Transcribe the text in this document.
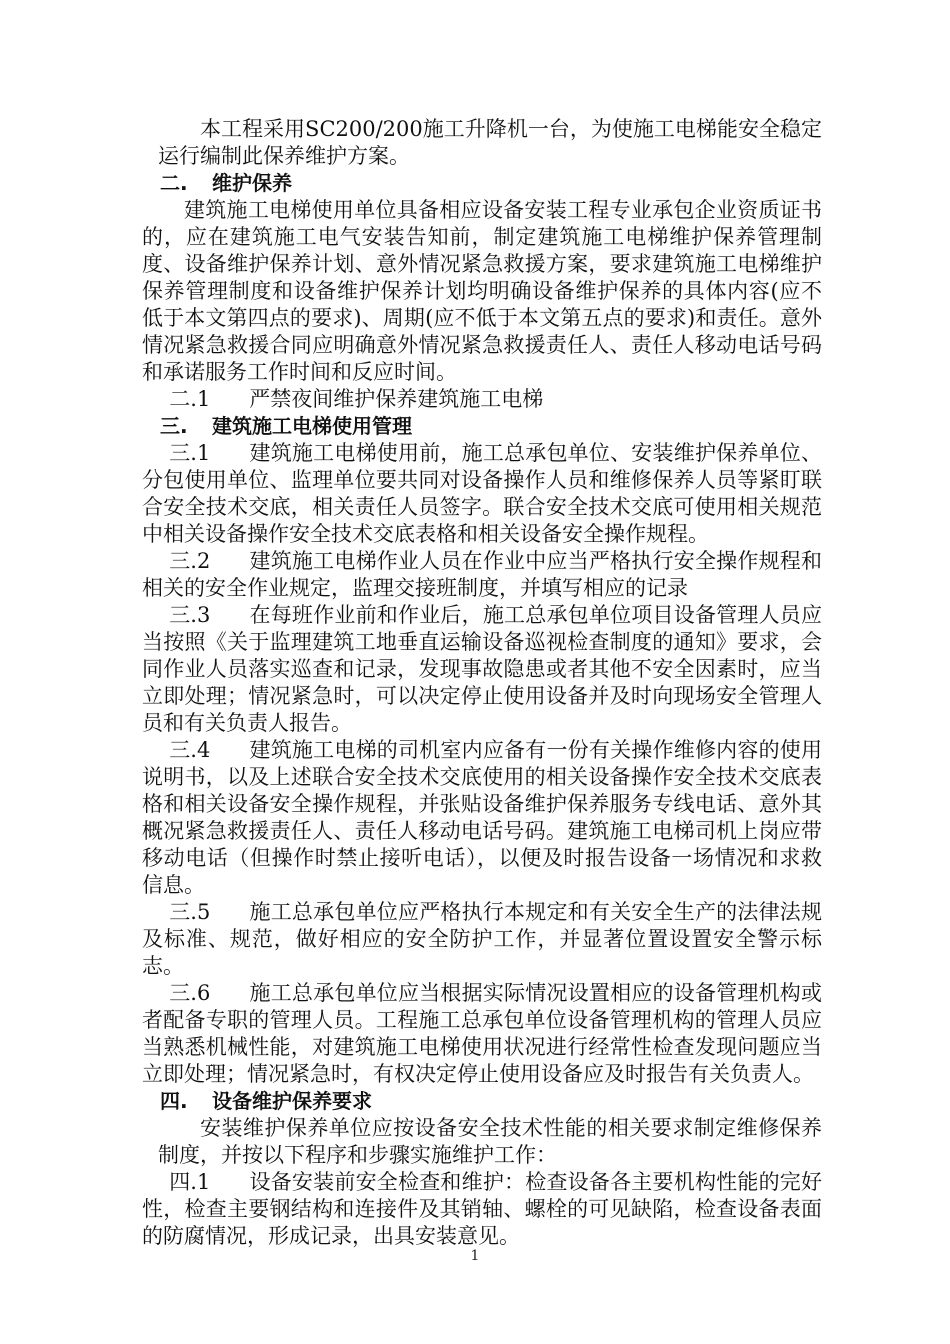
本工程采用SC200/200施工升降机一台，为使施工电梯能安全稳定运行编制此保养维护方案。

二. 维护保养

建筑施工电梯使用单位具备相应设备安装工程专业承包企业资质证书的，应在建筑施工电气安装告知前，制定建筑施工电梯维护保养管理制度、设备维护保养计划、意外情况紧急救援方案，要求建筑施工电梯维护保养管理制度和设备维护保养计划均明确设备维护保养的具体内容(应不低于本文第四点的要求)、周期(应不低于本文第五点的要求)和责任。意外情况紧急救援合同应明确意外情况紧急救援责任人、责任人移动电话号码和承诺服务工作时间和反应时间。

二.1 严禁夜间维护保养建筑施工电梯

三. 建筑施工电梯使用管理

三.1 建筑施工电梯使用前，施工总承包单位、安装维护保养单位、分包使用单位、监理单位要共同对设备操作人员和维修保养人员等紧盯联合安全技术交底，相关责任人员签字。联合安全技术交底可使用相关规范中相关设备操作安全技术交底表格和相关设备安全操作规程。

三.2 建筑施工电梯作业人员在作业中应当严格执行安全操作规程和相关的安全作业规定，监理交接班制度，并填写相应的记录

三.3 在每班作业前和作业后，施工总承包单位项目设备管理人员应当按照《关于监理建筑工地垂直运输设备巡视检查制度的通知》要求，会同作业人员落实巡查和记录，发现事故隐患或者其他不安全因素时，应当立即处理；情况紧急时，可以决定停止使用设备并及时向现场安全管理人员和有关负责人报告。

三.4 建筑施工电梯的司机室内应备有一份有关操作维修内容的使用说明书，以及上述联合安全技术交底使用的相关设备操作安全技术交底表格和相关设备安全操作规程，并张贴设备维护保养服务专线电话、意外其概况紧急救援责任人、责任人移动电话号码。建筑施工电梯司机上岗应带移动电话（但操作时禁止接听电话），以便及时报告设备一场情况和求救信息。

三.5 施工总承包单位应严格执行本规定和有关安全生产的法律法规及标准、规范，做好相应的安全防护工作，并显著位置设置安全警示标志。

三.6 施工总承包单位应当根据实际情况设置相应的设备管理机构或者配备专职的管理人员。工程施工总承包单位设备管理机构的管理人员应当熟悉机械性能，对建筑施工电梯使用状况进行经常性检查发现问题应当立即处理；情况紧急时，有权决定停止使用设备应及时报告有关负责人。

四. 设备维护保养要求

安装维护保养单位应按设备安全技术性能的相关要求制定维修保养制度，并按以下程序和步骤实施维护工作：

四.1 设备安装前安全检查和维护：检查设备各主要机构性能的完好性，检查主要钢结构和连接件及其销轴、螺栓的可见缺陷，检查设备表面的防腐情况，形成记录，出具安装意见。

1
